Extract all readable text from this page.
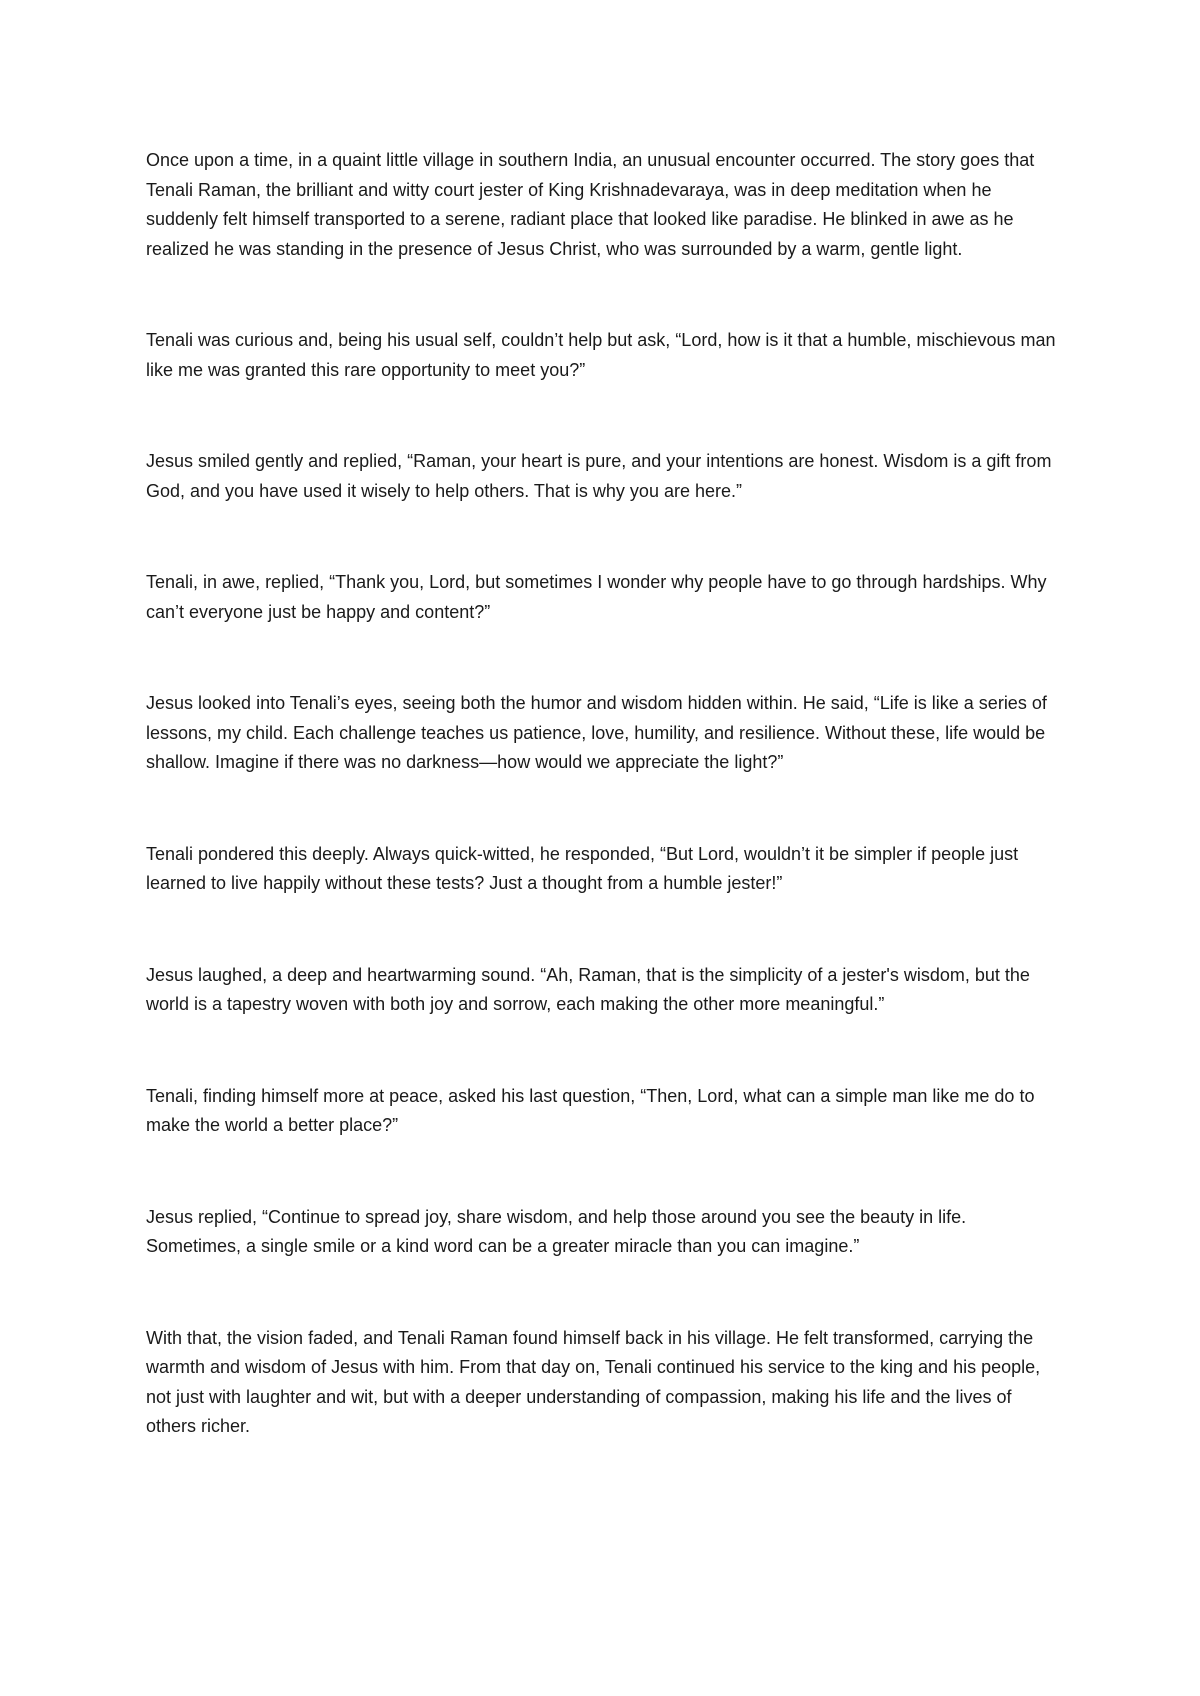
Once upon a time, in a quaint little village in southern India, an unusual encounter occurred. The story goes that Tenali Raman, the brilliant and witty court jester of King Krishnadevaraya, was in deep meditation when he suddenly felt himself transported to a serene, radiant place that looked like paradise. He blinked in awe as he realized he was standing in the presence of Jesus Christ, who was surrounded by a warm, gentle light.

Tenali was curious and, being his usual self, couldn’t help but ask, “Lord, how is it that a humble, mischievous man like me was granted this rare opportunity to meet you?”

Jesus smiled gently and replied, “Raman, your heart is pure, and your intentions are honest. Wisdom is a gift from God, and you have used it wisely to help others. That is why you are here.”

Tenali, in awe, replied, “Thank you, Lord, but sometimes I wonder why people have to go through hardships. Why can’t everyone just be happy and content?”

Jesus looked into Tenali’s eyes, seeing both the humor and wisdom hidden within. He said, “Life is like a series of lessons, my child. Each challenge teaches us patience, love, humility, and resilience. Without these, life would be shallow. Imagine if there was no darkness—how would we appreciate the light?”

Tenali pondered this deeply. Always quick-witted, he responded, “But Lord, wouldn’t it be simpler if people just learned to live happily without these tests? Just a thought from a humble jester!”

Jesus laughed, a deep and heartwarming sound. “Ah, Raman, that is the simplicity of a jester's wisdom, but the world is a tapestry woven with both joy and sorrow, each making the other more meaningful.”

Tenali, finding himself more at peace, asked his last question, “Then, Lord, what can a simple man like me do to make the world a better place?”

Jesus replied, “Continue to spread joy, share wisdom, and help those around you see the beauty in life. Sometimes, a single smile or a kind word can be a greater miracle than you can imagine.”

With that, the vision faded, and Tenali Raman found himself back in his village. He felt transformed, carrying the warmth and wisdom of Jesus with him. From that day on, Tenali continued his service to the king and his people, not just with laughter and wit, but with a deeper understanding of compassion, making his life and the lives of others richer.
